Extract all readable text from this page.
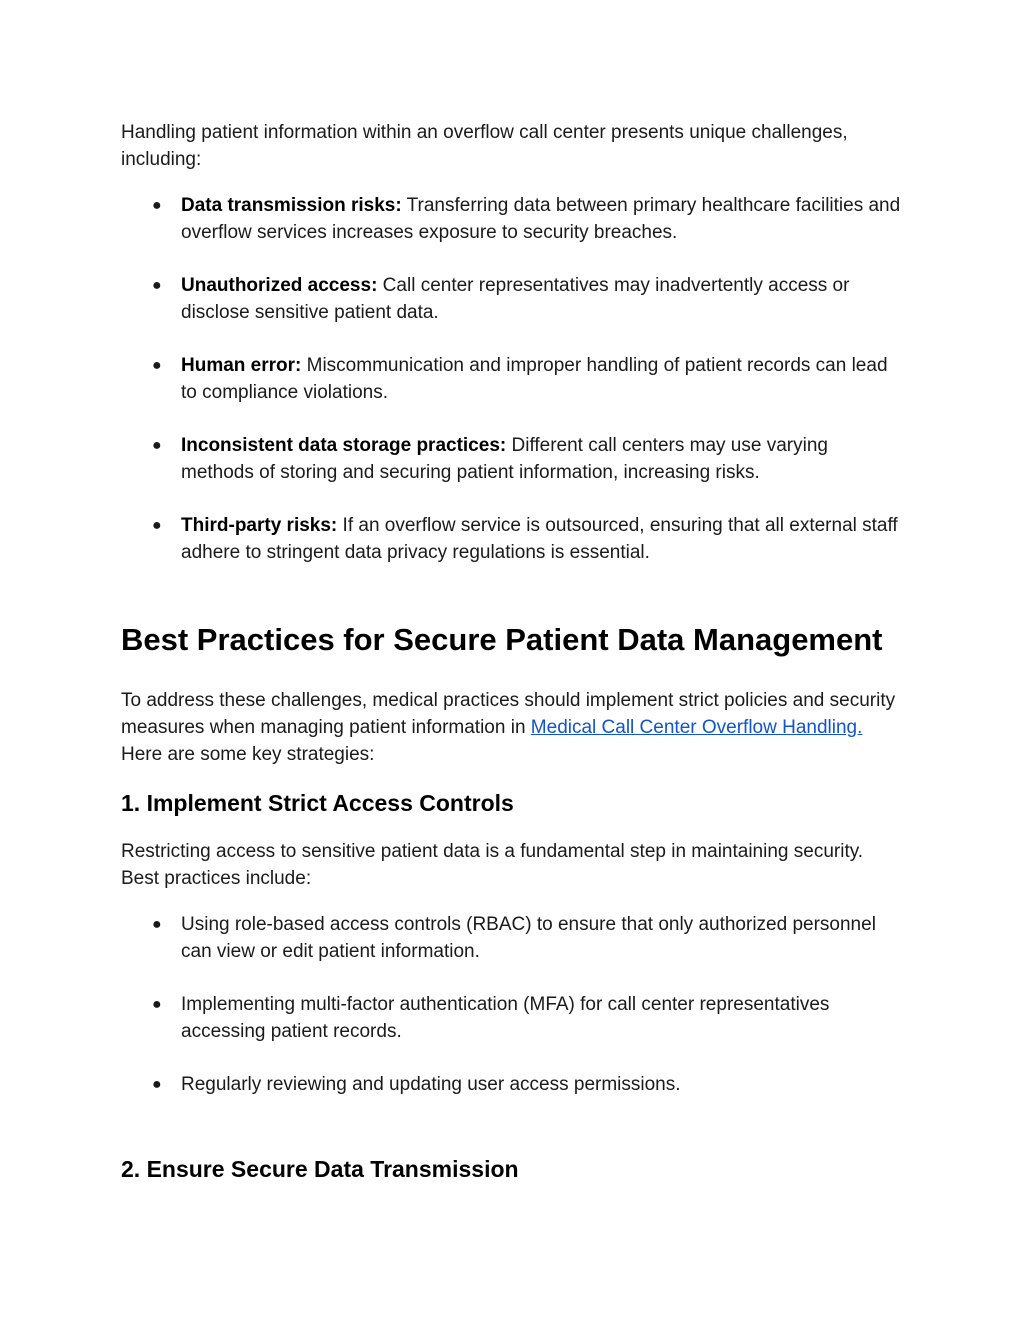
Handling patient information within an overflow call center presents unique challenges, including:

● Data transmission risks: Transferring data between primary healthcare facilities and overflow services increases exposure to security breaches.
● Unauthorized access: Call center representatives may inadvertently access or disclose sensitive patient data.
● Human error: Miscommunication and improper handling of patient records can lead to compliance violations.
● Inconsistent data storage practices: Different call centers may use varying methods of storing and securing patient information, increasing risks.
● Third-party risks: If an overflow service is outsourced, ensuring that all external staff adhere to stringent data privacy regulations is essential.
Best Practices for Secure Patient Data Management

To address these challenges, medical practices should implement strict policies and security measures when managing patient information in Medical Call Center Overflow Handling. Here are some key strategies:

1. Implement Strict Access Controls

Restricting access to sensitive patient data is a fundamental step in maintaining security. Best practices include:

● Using role-based access controls (RBAC) to ensure that only authorized personnel can view or edit patient information.
● Implementing multi-factor authentication (MFA) for call center representatives accessing patient records.
● Regularly reviewing and updating user access permissions.
2. Ensure Secure Data Transmission
